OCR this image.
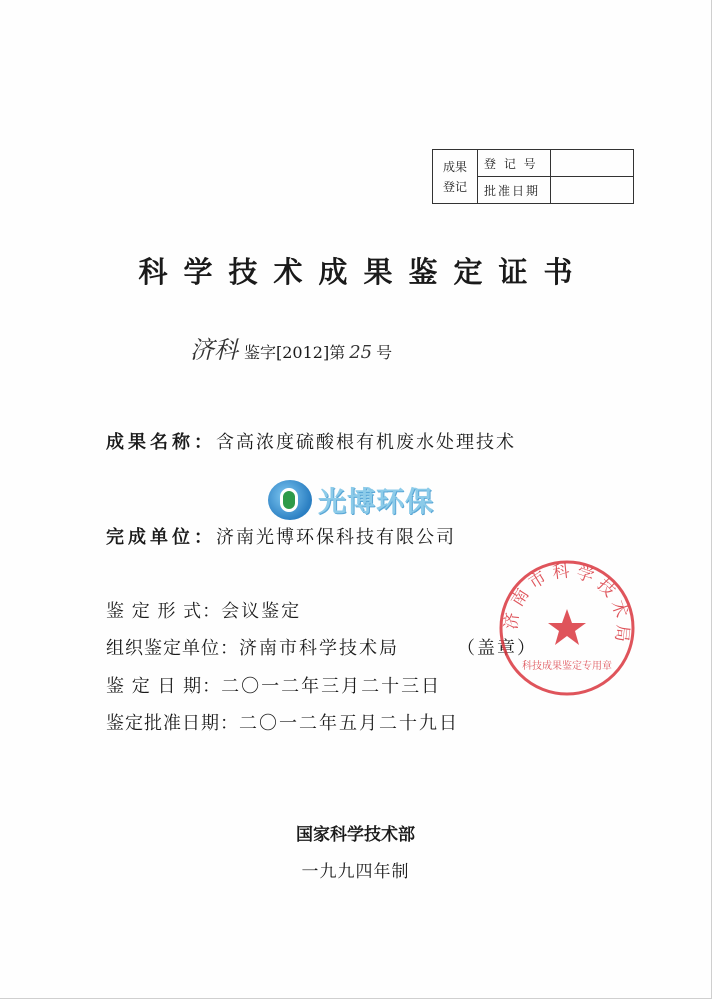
成果
登记	登 记 号	
	批准日期	
科学技术成果鉴定证书
济科 鉴字[2012]第 25 号
成果名称： 含高浓度硫酸根有机废水处理技术
光博环保
完成单位： 济南光博环保科技有限公司
鉴 定 形 式： 会议鉴定
组织鉴定单位： 济南市科学技术局	（盖章）
鉴 定 日 期： 二〇一二年三月二十三日
鉴定批准日期： 二〇一二年五月二十九日
济 南 市 科 学 技 术 局
科技成果鉴定专用章
国家科学技术部
一九九四年制
